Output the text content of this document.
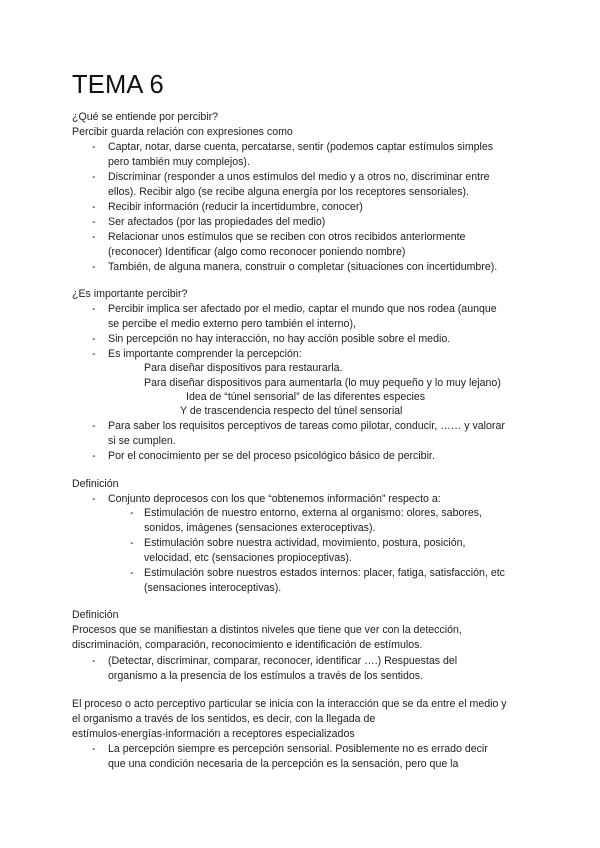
TEMA 6
¿Qué se entiende por percibir?
Percibir guarda relación con expresiones como
- Captar, notar, darse cuenta, percatarse, sentir (podemos captar estímulos simples
pero también muy complejos).
- Discriminar (responder a unos estímulos del medio y a otros no, discriminar entre
ellos). Recibir algo (se recibe alguna energía por los receptores sensoriales).
- Recibir información (reducir la incertidumbre, conocer)
- Ser afectados (por las propiedades del medio)
- Relacionar unos estímulos que se reciben con otros recibidos anteriormente
(reconocer) Identificar (algo como reconocer poniendo nombre)
- También, de alguna manera, construir o completar (situaciones con incertidumbre).
¿Es importante percibir?
- Percibir implica ser afectado por el medio, captar el mundo que nos rodea (aunque
se percibe el medio externo pero también el interno),
- Sin percepción no hay interacción, no hay acción posible sobre el medio.
- Es importante comprender la percepción:
Para diseñar dispositivos para restaurarla.
Para diseñar dispositivos para aumentarla (lo muy pequeño y lo muy lejano)
Idea de “túnel sensorial” de las diferentes especies
Y de trascendencia respecto del túnel sensorial
- Para saber los requisitos perceptivos de tareas como pilotar, conducir, …… y valorar
si se cumplen.
- Por el conocimiento per se del proceso psicológico básico de percibir.
Definición
- Conjunto deprocesos con los que “obtenemos información” respecto a:
- Estimulación de nuestro entorno, externa al organismo: olores, sabores,
sonidos, imágenes (sensaciones exteroceptivas).
- Estimulación sobre nuestra actividad, movimiento, postura, posición,
velocidad, etc (sensaciones propioceptivas).
- Estimulación sobre nuestros estados internos: placer, fatiga, satisfacción, etc
(sensaciones interoceptivas).
Definición
Procesos que se manifiestan a distintos niveles que tiene que ver con la detección,
discriminación, comparación, reconocimiento e identificación de estímulos.
- (Detectar, discriminar, comparar, reconocer, identificar ….) Respuestas del
organismo a la presencia de los estímulos a través de los sentidos.
El proceso o acto perceptivo particular se inicia con la interacción que se da entre el medio y
el organismo a través de los sentidos, es decir, con la llegada de
estímulos-energías-información a receptores especializados
- La percepción siempre es percepción sensorial. Posiblemente no es errado decir
que una condición necesaria de la percepción es la sensación, pero que la
